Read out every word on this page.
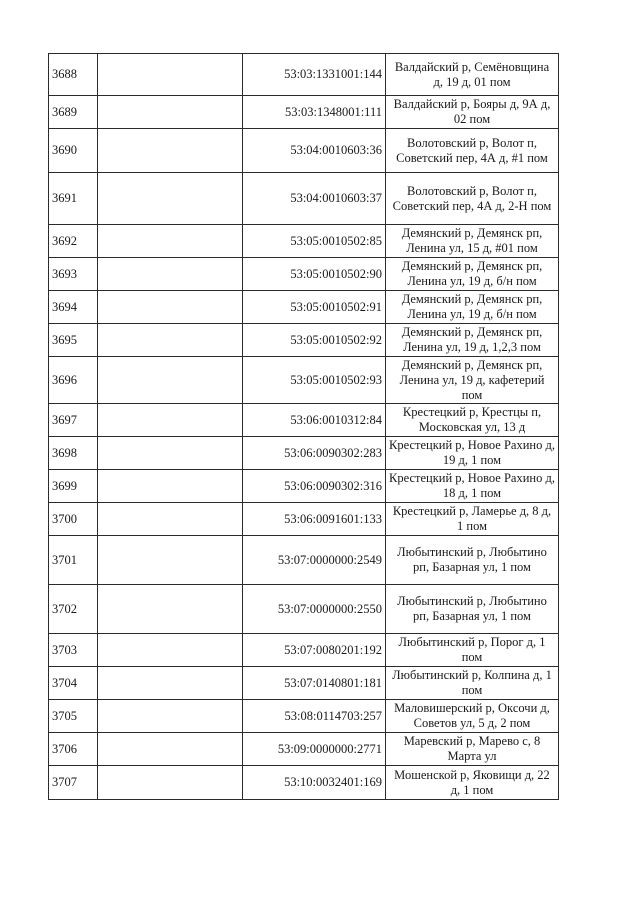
3688		53:03:1331001:144	Валдайский р, Семёновщина д, 19 д, 01 пом
3689		53:03:1348001:111	Валдайский р, Бояры д, 9А д, 02 пом
3690		53:04:0010603:36	Волотовский р, Волот п, Советский пер, 4А д, #1 пом
3691		53:04:0010603:37	Волотовский р, Волот п, Советский пер, 4А д, 2-Н пом
3692		53:05:0010502:85	Демянский р, Демянск рп, Ленина ул, 15 д, #01 пом
3693		53:05:0010502:90	Демянский р, Демянск рп, Ленина ул, 19 д, б/н пом
3694		53:05:0010502:91	Демянский р, Демянск рп, Ленина ул, 19 д, б/н пом
3695		53:05:0010502:92	Демянский р, Демянск рп, Ленина ул, 19 д, 1,2,3 пом
3696		53:05:0010502:93	Демянский р, Демянск рп, Ленина ул, 19 д, кафетерий пом
3697		53:06:0010312:84	Крестецкий р, Крестцы п, Московская ул, 13 д
3698		53:06:0090302:283	Крестецкий р, Новое Рахино д, 19 д, 1 пом
3699		53:06:0090302:316	Крестецкий р, Новое Рахино д, 18 д, 1 пом
3700		53:06:0091601:133	Крестецкий р, Ламерье д, 8 д, 1 пом
3701		53:07:0000000:2549	Любытинский р, Любытино рп, Базарная ул, 1 пом
3702		53:07:0000000:2550	Любытинский р, Любытино рп, Базарная ул, 1 пом
3703		53:07:0080201:192	Любытинский р, Порог д, 1 пом
3704		53:07:0140801:181	Любытинский р, Колпина д, 1 пом
3705		53:08:0114703:257	Маловишерский р, Оксочи д, Советов ул, 5 д, 2 пом
3706		53:09:0000000:2771	Маревский р, Марево с, 8 Марта ул
3707		53:10:0032401:169	Мошенской р, Яковищи д, 22 д, 1 пом
